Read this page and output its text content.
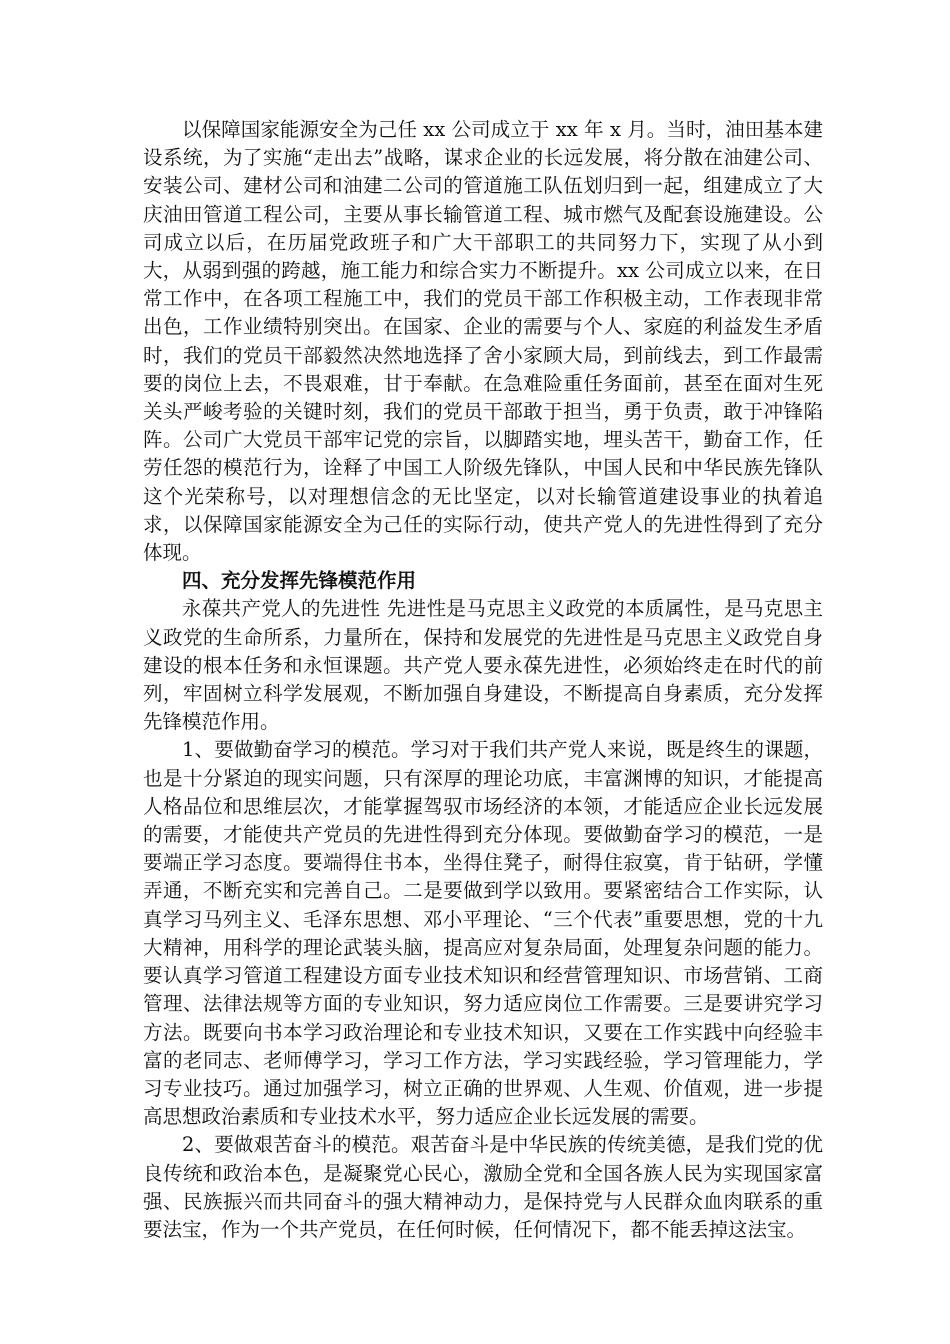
以保障国家能源安全为己任 xx 公司成立于 xx 年 x 月。当时，油田基本建设系统，为了实施“走出去”战略，谋求企业的长远发展，将分散在油建公司、安装公司、建材公司和油建二公司的管道施工队伍划归到一起，组建成立了大庆油田管道工程公司，主要从事长输管道工程、城市燃气及配套设施建设。公司成立以后，在历届党政班子和广大干部职工的共同努力下，实现了从小到大，从弱到强的跨越，施工能力和综合实力不断提升。xx 公司成立以来，在日常工作中，在各项工程施工中，我们的党员干部工作积极主动，工作表现非常出色，工作业绩特别突出。在国家、企业的需要与个人、家庭的利益发生矛盾时，我们的党员干部毅然决然地选择了舍小家顾大局，到前线去，到工作最需要的岗位上去，不畏艰难，甘于奉献。在急难险重任务面前，甚至在面对生死关头严峻考验的关键时刻，我们的党员干部敢于担当，勇于负责，敢于冲锋陷阵。公司广大党员干部牢记党的宗旨，以脚踏实地，埋头苦干，勤奋工作，任劳任怨的模范行为，诠释了中国工人阶级先锋队，中国人民和中华民族先锋队这个光荣称号，以对理想信念的无比坚定，以对长输管道建设事业的执着追求，以保障国家能源安全为己任的实际行动，使共产党人的先进性得到了充分体现。

四、充分发挥先锋模范作用

永葆共产党人的先进性 先进性是马克思主义政党的本质属性，是马克思主义政党的生命所系，力量所在，保持和发展党的先进性是马克思主义政党自身建设的根本任务和永恒课题。共产党人要永葆先进性，必须始终走在时代的前列，牢固树立科学发展观，不断加强自身建设，不断提高自身素质，充分发挥先锋模范作用。

1、要做勤奋学习的模范。学习对于我们共产党人来说，既是终生的课题，也是十分紧迫的现实问题，只有深厚的理论功底，丰富渊博的知识，才能提高人格品位和思维层次，才能掌握驾驭市场经济的本领，才能适应企业长远发展的需要，才能使共产党员的先进性得到充分体现。要做勤奋学习的模范，一是要端正学习态度。要端得住书本，坐得住凳子，耐得住寂寞，肯于钻研，学懂弄通，不断充实和完善自己。二是要做到学以致用。要紧密结合工作实际，认真学习马列主义、毛泽东思想、邓小平理论、“三个代表”重要思想，党的十九大精神，用科学的理论武装头脑，提高应对复杂局面，处理复杂问题的能力。要认真学习管道工程建设方面专业技术知识和经营管理知识、市场营销、工商管理、法律法规等方面的专业知识，努力适应岗位工作需要。三是要讲究学习方法。既要向书本学习政治理论和专业技术知识，又要在工作实践中向经验丰富的老同志、老师傅学习，学习工作方法，学习实践经验，学习管理能力，学习专业技巧。通过加强学习，树立正确的世界观、人生观、价值观，进一步提高思想政治素质和专业技术水平，努力适应企业长远发展的需要。

2、要做艰苦奋斗的模范。艰苦奋斗是中华民族的传统美德，是我们党的优良传统和政治本色，是凝聚党心民心，激励全党和全国各族人民为实现国家富强、民族振兴而共同奋斗的强大精神动力，是保持党与人民群众血肉联系的重要法宝，作为一个共产党员，在任何时候，任何情况下，都不能丢掉这法宝。
